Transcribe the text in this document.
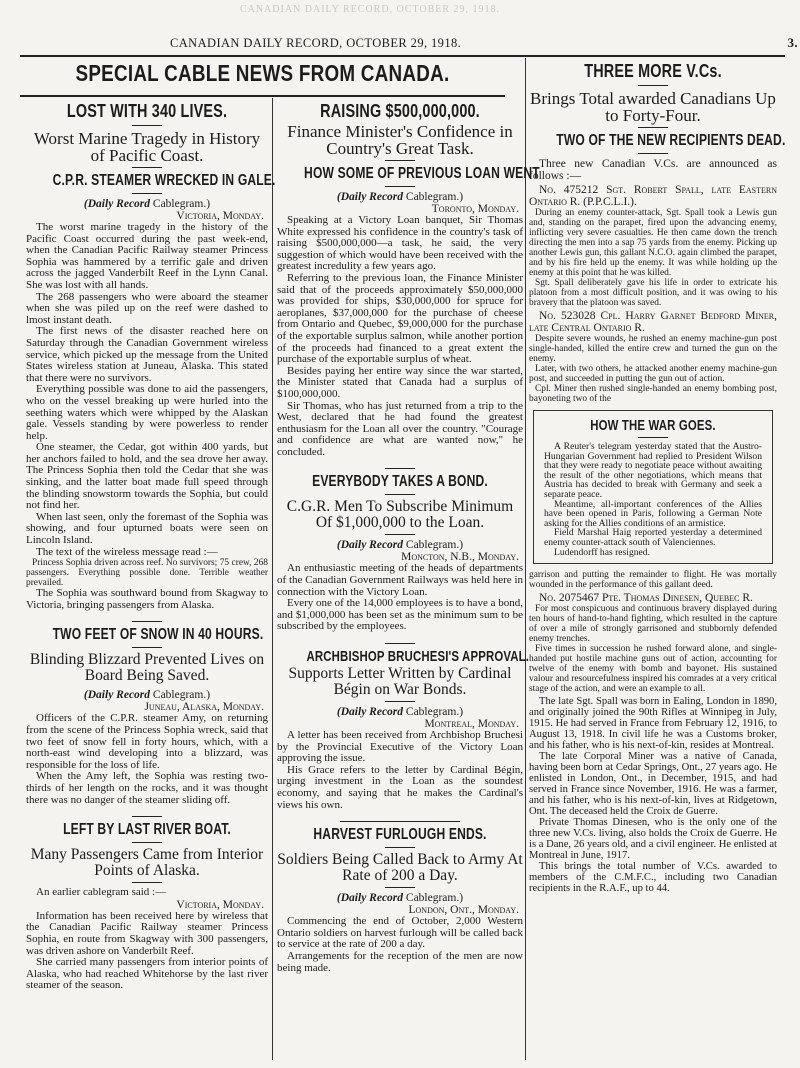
CANADIAN DAILY RECORD, OCTOBER 29, 1918.
CANADIAN DAILY RECORD, OCTOBER 29, 1918.	3.
SPECIAL CABLE NEWS FROM CANADA.
LOST WITH 340 LIVES.
Worst Marine Tragedy in History of Pacific Coast.
C.P.R. STEAMER WRECKED IN GALE.
(Daily Record Cablegram.)
Victoria, Monday.

The worst marine tragedy in the history of the Pacific Coast occurred during the past week-end, when the Canadian Pacific Railway steamer Princess Sophia was hammered by a terrific gale and driven across the jagged Vanderbilt Reef in the Lynn Canal. She was lost with all hands.

The 268 passengers who were aboard the steamer when she was piled up on the reef were dashed to lmost instant death.

The first news of the disaster reached here on Saturday through the Canadian Government wireless service, which picked up the message from the United States wireless station at Juneau, Alaska. This stated that there were no survivors.

Everything possible was done to aid the passengers, who on the vessel breaking up were hurled into the seething waters which were whipped by the Alaskan gale. Vessels standing by were powerless to render help.

One steamer, the Cedar, got within 400 yards, but her anchors failed to hold, and the sea drove her away. The Princess Sophia then told the Cedar that she was sinking, and the latter boat made full speed through the blinding snowstorm towards the Sophia, but could not find her.

When last seen, only the foremast of the Sophia was showing, and four upturned boats were seen on Lincoln Island.

The text of the wireless message read :—

Princess Sophia driven across reef. No survivors; 75 crew, 268 passengers. Everything possible done. Terrible weather prevailed.

The Sophia was southward bound from Skagway to Victoria, bringing passengers from Alaska.

TWO FEET OF SNOW IN 40 HOURS.
Blinding Blizzard Prevented Lives on Board Being Saved.
(Daily Record Cablegram.)
Juneau, Alaska, Monday.

Officers of the C.P.R. steamer Amy, on returning from the scene of the Princess Sophia wreck, said that two feet of snow fell in forty hours, which, with a north-east wind developing into a blizzard, was responsible for the loss of life.

When the Amy left, the Sophia was resting two-thirds of her length on the rocks, and it was thought there was no danger of the steamer sliding off.

LEFT BY LAST RIVER BOAT.
Many Passengers Came from Interior Points of Alaska.

An earlier cablegram said :—

Victoria, Monday.

Information has been received here by wireless that the Canadian Pacific Railway steamer Princess Sophia, en route from Skagway with 300 passengers, was driven ashore on Vanderbilt Reef.

She carried many passengers from interior points of Alaska, who had reached Whitehorse by the last river steamer of the season.

RAISING $500,000,000.
Finance Minister's Confidence in Country's Great Task.
HOW SOME OF PREVIOUS LOAN WENT
(Daily Record Cablegram.)
Toronto, Monday.

Speaking at a Victory Loan banquet, Sir Thomas White expressed his confidence in the country's task of raising $500,000,000—a task, he said, the very suggestion of which would have been received with the greatest incredulity a few years ago.

Referring to the previous loan, the Finance Minister said that of the proceeds approximately $50,000,000 was provided for ships, $30,000,000 for spruce for aeroplanes, $37,000,000 for the purchase of cheese from Ontario and Quebec, $9,000,000 for the purchase of the exportable surplus salmon, while another portion of the proceeds had financed to a great extent the purchase of the exportable surplus of wheat.

Besides paying her entire way since the war started, the Minister stated that Canada had a surplus of $100,000,000.

Sir Thomas, who has just returned from a trip to the West, declared that he had found the greatest enthusiasm for the Loan all over the country. "Courage and confidence are what are wanted now," he concluded.

EVERYBODY TAKES A BOND.
C.G.R. Men To Subscribe Minimum Of $1,000,000 to the Loan.
(Daily Record Cablegram.)
Moncton, N.B., Monday.

An enthusiastic meeting of the heads of departments of the Canadian Government Railways was held here in connection with the Victory Loan.

Every one of the 14,000 employees is to have a bond, and $1,000,000 has been set as the minimum sum to be subscribed by the employees.

ARCHBISHOP BRUCHESI'S APPROVAL.
Supports Letter Written by Cardinal Bégin on War Bonds.
(Daily Record Cablegram.)
Montreal, Monday.

A letter has been received from Archbishop Bruchesi by the Provincial Executive of the Victory Loan approving the issue.

His Grace refers to the letter by Cardinal Bégin, urging investment in the Loan as the soundest economy, and saying that he makes the Cardinal's views his own.

HARVEST FURLOUGH ENDS.
Soldiers Being Called Back to Army At Rate of 200 a Day.
(Daily Record Cablegram.)
London, Ont., Monday.

Commencing the end of October, 2,000 Western Ontario soldiers on harvest furlough will be called back to service at the rate of 200 a day.

Arrangements for the reception of the men are now being made.

THREE MORE V.Cs.
Brings Total awarded Canadians Up to Forty-Four.
TWO OF THE NEW RECIPIENTS DEAD.

Three new Canadian V.Cs. are announced as follows :—

No. 475212 Sgt. Robert Spall, late Eastern Ontario R. (P.P.C.L.I.).

During an enemy counter-attack, Sgt. Spall took a Lewis gun and, standing on the parapet, fired upon the advancing enemy, inflicting very severe casualties. He then came down the trench directing the men into a sap 75 yards from the enemy. Picking up another Lewis gun, this gallant N.C.O. again climbed the parapet, and by his fire held up the enemy. It was while holding up the enemy at this point that he was killed.

Sgt. Spall deliberately gave his life in order to extricate his platoon from a most difficult position, and it was owing to his bravery that the platoon was saved.

No. 523028 Cpl. Harry Garnet Bedford Miner, late Central Ontario R.

Despite severe wounds, he rushed an enemy machine-gun post single-handed, killed the entire crew and turned the gun on the enemy.

Later, with two others, he attacked another enemy machine-gun post, and succeeded in putting the gun out of action.

Cpl. Miner then rushed single-handed an enemy bombing post, bayoneting two of the

HOW THE WAR GOES.

A Reuter's telegram yesterday stated that the Austro-Hungarian Government had replied to President Wilson that they were ready to negotiate peace without awaiting the result of the other negotiations, which means that Austria has decided to break with Germany and seek a separate peace.

Meantime, all-important conferences of the Allies have been opened in Paris, following a German Note asking for the Allies conditions of an armistice.

Field Marshal Haig reported yesterday a determined enemy counter-attack south of Valenciennes.

Ludendorff has resigned.

garrison and putting the remainder to flight. He was mortally wounded in the performance of this gallant deed.

No. 2075467 Pte. Thomas Dinesen, Quebec R.

For most conspicuous and continuous bravery displayed during ten hours of hand-to-hand fighting, which resulted in the capture of over a mile of strongly garrisoned and stubbornly defended enemy trenches.

Five times in succession he rushed forward alone, and single-handed put hostile machine guns out of action, accounting for twelve of the enemy with bomb and bayonet. His sustained valour and resourcefulness inspired his comrades at a very critical stage of the action, and were an example to all.

The late Sgt. Spall was born in Ealing, London in 1890, and originally joined the 90th Rifles at Winnipeg in July, 1915. He had served in France from February 12, 1916, to August 13, 1918. In civil life he was a Customs broker, and his father, who is his next-of-kin, resides at Montreal.

The late Corporal Miner was a native of Canada, having been born at Cedar Springs, Ont., 27 years ago. He enlisted in London, Ont., in December, 1915, and had served in France since November, 1916. He was a farmer, and his father, who is his next-of-kin, lives at Ridgetown, Ont. The deceased held the Croix de Guerre.

Private Thomas Dinesen, who is the only one of the three new V.Cs. living, also holds the Croix de Guerre. He is a Dane, 26 years old, and a civil engineer. He enlisted at Montreal in June, 1917.

This brings the total number of V.Cs. awarded to members of the C.M.F.C., including two Canadian recipients in the R.A.F., up to 44.
